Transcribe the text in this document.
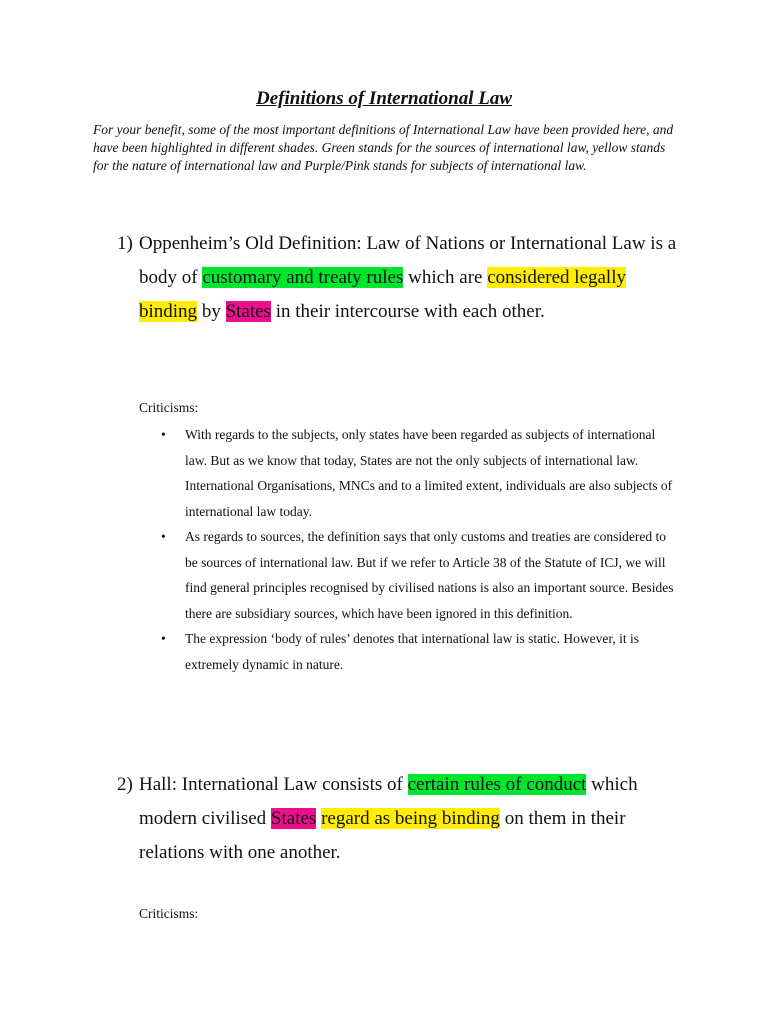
Definitions of International Law
For your benefit, some of the most important definitions of International Law have been provided here, and have been highlighted in different shades. Green stands for the sources of international law, yellow stands for the nature of international law and Purple/Pink stands for subjects of international law.
1) Oppenheim’s Old Definition: Law of Nations or International Law is a body of customary and treaty rules which are considered legally binding by States in their intercourse with each other.
Criticisms:
• With regards to the subjects, only states have been regarded as subjects of international law. But as we know that today, States are not the only subjects of international law. International Organisations, MNCs and to a limited extent, individuals are also subjects of international law today.
• As regards to sources, the definition says that only customs and treaties are considered to be sources of international law. But if we refer to Article 38 of the Statute of ICJ, we will find general principles recognised by civilised nations is also an important source. Besides there are subsidiary sources, which have been ignored in this definition.
• The expression ‘body of rules’ denotes that international law is static. However, it is extremely dynamic in nature.
2) Hall: International Law consists of certain rules of conduct which modern civilised States regard as being binding on them in their relations with one another.
Criticisms:
